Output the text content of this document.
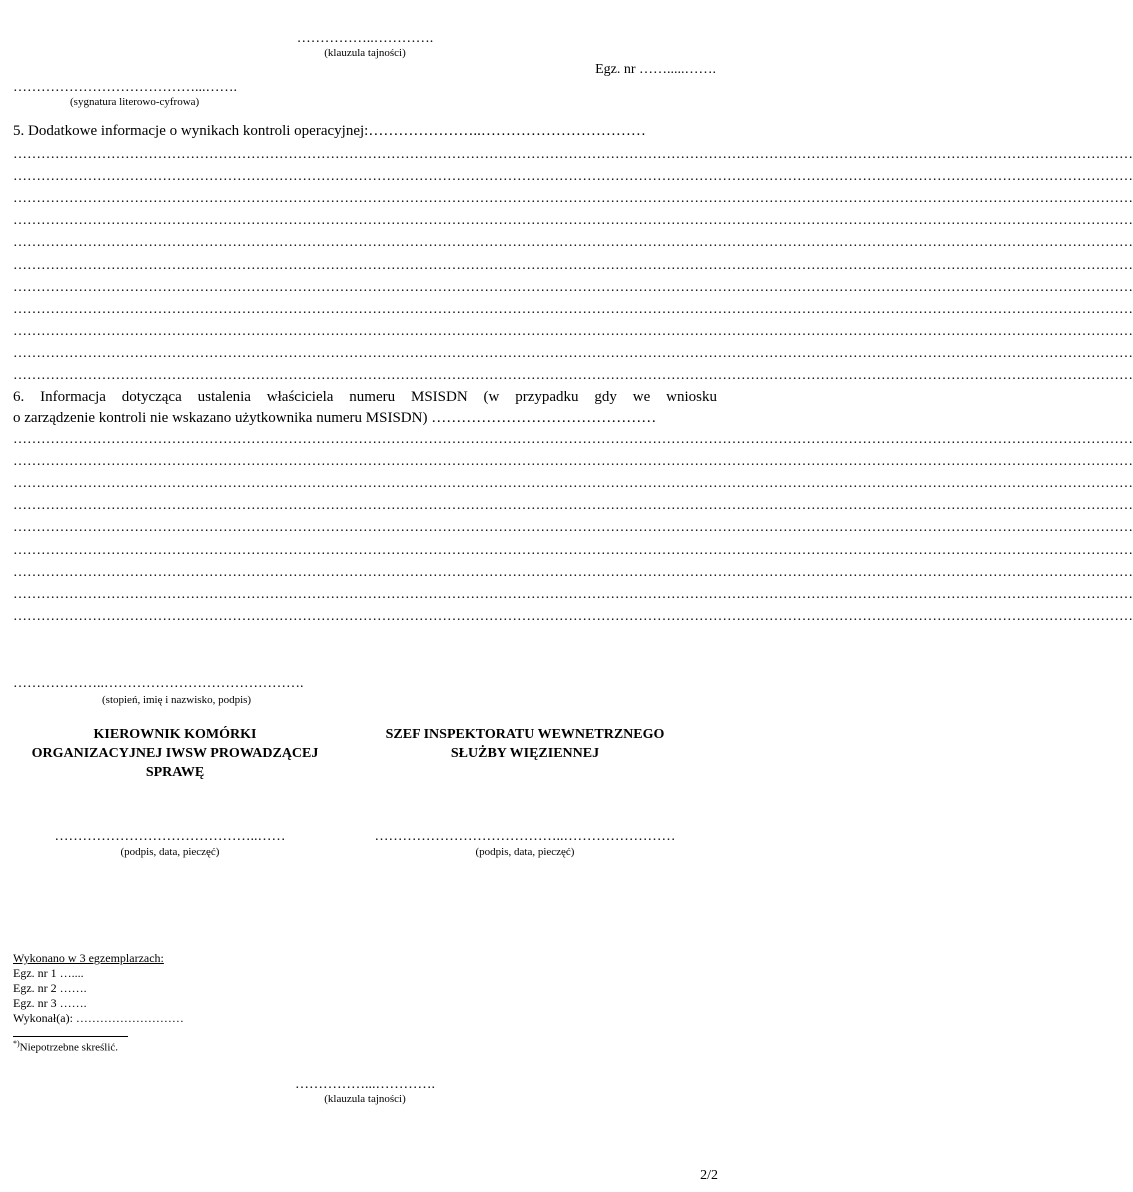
……………..………….
(klauzula tajności)
Egz. nr …….....…….
…………………………………...…….
(sygnatura literowo-cyfrowa)
5. Dodatkowe informacje o wynikach kontroli operacyjnej:…………………..……………………………
……………………………………………………………………………………………………………………………………………………………………………………………………………………
……………………………………………………………………………………………………………………………………………………………………………………………………………………
……………………………………………………………………………………………………………………………………………………………………………………………………………………
……………………………………………………………………………………………………………………………………………………………………………………………………………………
……………………………………………………………………………………………………………………………………………………………………………………………………………………
……………………………………………………………………………………………………………………………………………………………………………………………………………………
……………………………………………………………………………………………………………………………………………………………………………………………………………………
……………………………………………………………………………………………………………………………………………………………………………………………………………………
……………………………………………………………………………………………………………………………………………………………………………………………………………………
……………………………………………………………………………………………………………………………………………………………………………………………………………………
……………………………………………………………………………………………………………………………………………………………………………………………………………………
6. Informacja dotycząca ustalenia właściciela numeru MSISDN (w przypadku gdy we wniosku
o zarządzenie kontroli nie wskazano użytkownika numeru MSISDN) ………………………………………
……………………………………………………………………………………………………………………………………………………………………………………………………………………
……………………………………………………………………………………………………………………………………………………………………………………………………………………
……………………………………………………………………………………………………………………………………………………………………………………………………………………
……………………………………………………………………………………………………………………………………………………………………………………………………………………
……………………………………………………………………………………………………………………………………………………………………………………………………………………
……………………………………………………………………………………………………………………………………………………………………………………………………………………
……………………………………………………………………………………………………………………………………………………………………………………………………………………
……………………………………………………………………………………………………………………………………………………………………………………………………………………
……………………………………………………………………………………………………………………………………………………………………………………………………………………
………………..…………………………………….
(stopień, imię i nazwisko, podpis)
KIEROWNIK KOMÓRKI
ORGANIZACYJNEJ IWSW PROWADZĄCEJ
SPRAWĘ
SZEF INSPEKTORATU WEWNETRZNEGO
SŁUŻBY WIĘZIENNEJ
……………………………………..……
(podpis, data, pieczęć)
…………………………………..……………………
(podpis, data, pieczęć)
Wykonano w 3 egzemplarzach:
Egz. nr 1 …....
Egz. nr 2 …….
Egz. nr 3 …….
Wykonał(a): ………………………
*)Niepotrzebne skreślić.
……………...………….
(klauzula tajności)
2/2
